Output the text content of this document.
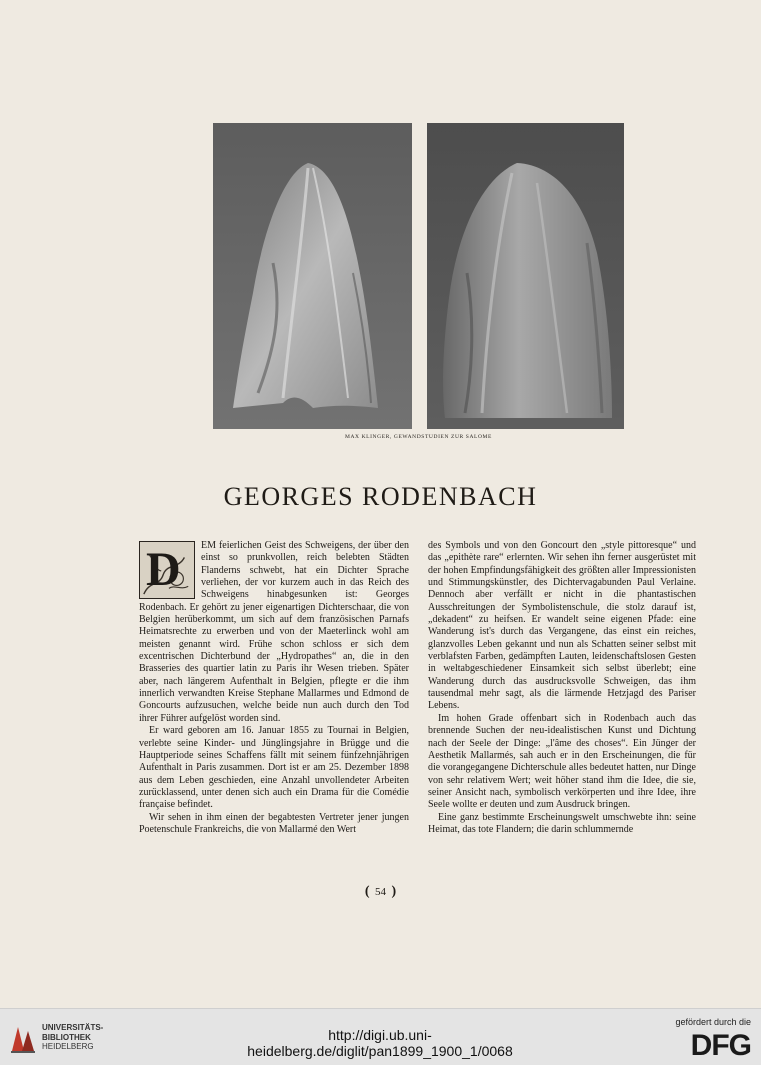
MAX KLINGER, GEWANDSTUDIEN ZUR SALOME
GEORGES RODENBACH

D EM feierlichen Geist des Schweigens, der über den einst so prunkvollen, reich belebten Städten Flanderns schwebt, hat ein Dichter Sprache verliehen, der vor kurzem auch in das Reich des Schweigens hinabgesunken ist: Georges Rodenbach. Er gehört zu jener eigenartigen Dichterschaar, die von Belgien herüberkommt, um sich auf dem französischen Parnafs Heimatsrechte zu erwerben und von der Maeterlinck wohl am meisten genannt wird. Frühe schon schloss er sich dem excentrischen Dichterbund der „Hydropathes“ an, die in den Brasseries des quartier latin zu Paris ihr Wesen trieben. Später aber, nach längerem Aufenthalt in Belgien, pflegte er die ihm innerlich verwandten Kreise Stephane Mallarmes und Edmond de Goncourts aufzusuchen, welche beide nun auch durch den Tod ihrer Führer aufgelöst worden sind.

Er ward geboren am 16. Januar 1855 zu Tournai in Belgien, verlebte seine Kinder- und Jünglingsjahre in Brügge und die Hauptperiode seines Schaffens fällt mit seinem fünfzehnjährigen Aufenthalt in Paris zusammen. Dort ist er am 25. Dezember 1898 aus dem Leben geschieden, eine Anzahl unvollendeter Arbeiten zurücklassend, unter denen sich auch ein Drama für die Comédie française befindet.

Wir sehen in ihm einen der begabtesten Vertreter jener jungen Poetenschule Frankreichs, die von Mallarmé den Wert

des Symbols und von den Goncourt den „style pittoresque“ und das „epithète rare“ erlernten. Wir sehen ihn ferner ausgerüstet mit der hohen Empfindungsfähigkeit des größten aller Impressionisten und Stimmungskünstler, des Dichtervagabunden Paul Verlaine. Dennoch aber verfällt er nicht in die phantastischen Ausschreitungen der Symbolistenschule, die stolz darauf ist, „dekadent“ zu heifsen. Er wandelt seine eigenen Pfade: eine Wanderung ist's durch das Vergangene, das einst ein reiches, glanzvolles Leben gekannt und nun als Schatten seiner selbst mit verblafsten Farben, gedämpften Lauten, leidenschaftslosen Gesten in weltabgeschiedener Einsamkeit sich selbst überlebt; eine Wanderung durch das ausdrucksvolle Schweigen, das ihm tausendmal mehr sagt, als die lärmende Hetzjagd des Pariser Lebens.

Im hohen Grade offenbart sich in Rodenbach auch das brennende Suchen der neu-idealistischen Kunst und Dichtung nach der Seele der Dinge: „l'âme des choses“. Ein Jünger der Aesthetik Mallarmés, sah auch er in den Erscheinungen, die für die vorangegangene Dichterschule alles bedeutet hatten, nur Dinge von sehr relativem Wert; weit höher stand ihm die Idee, die sie, seiner Ansicht nach, symbolisch verkörperten und ihre Idee, ihre Seele wollte er deuten und zum Ausdruck bringen.

Eine ganz bestimmte Erscheinungswelt umschwebte ihn: seine Heimat, das tote Flandern; die darin schlummernde

( 54 )
UNIVERSITÄTS-
BIBLIOTHEK
HEIDELBERG
http://digi.ub.uni-heidelberg.de/diglit/pan1899_1900_1/0068
gefördert durch die
DFG
